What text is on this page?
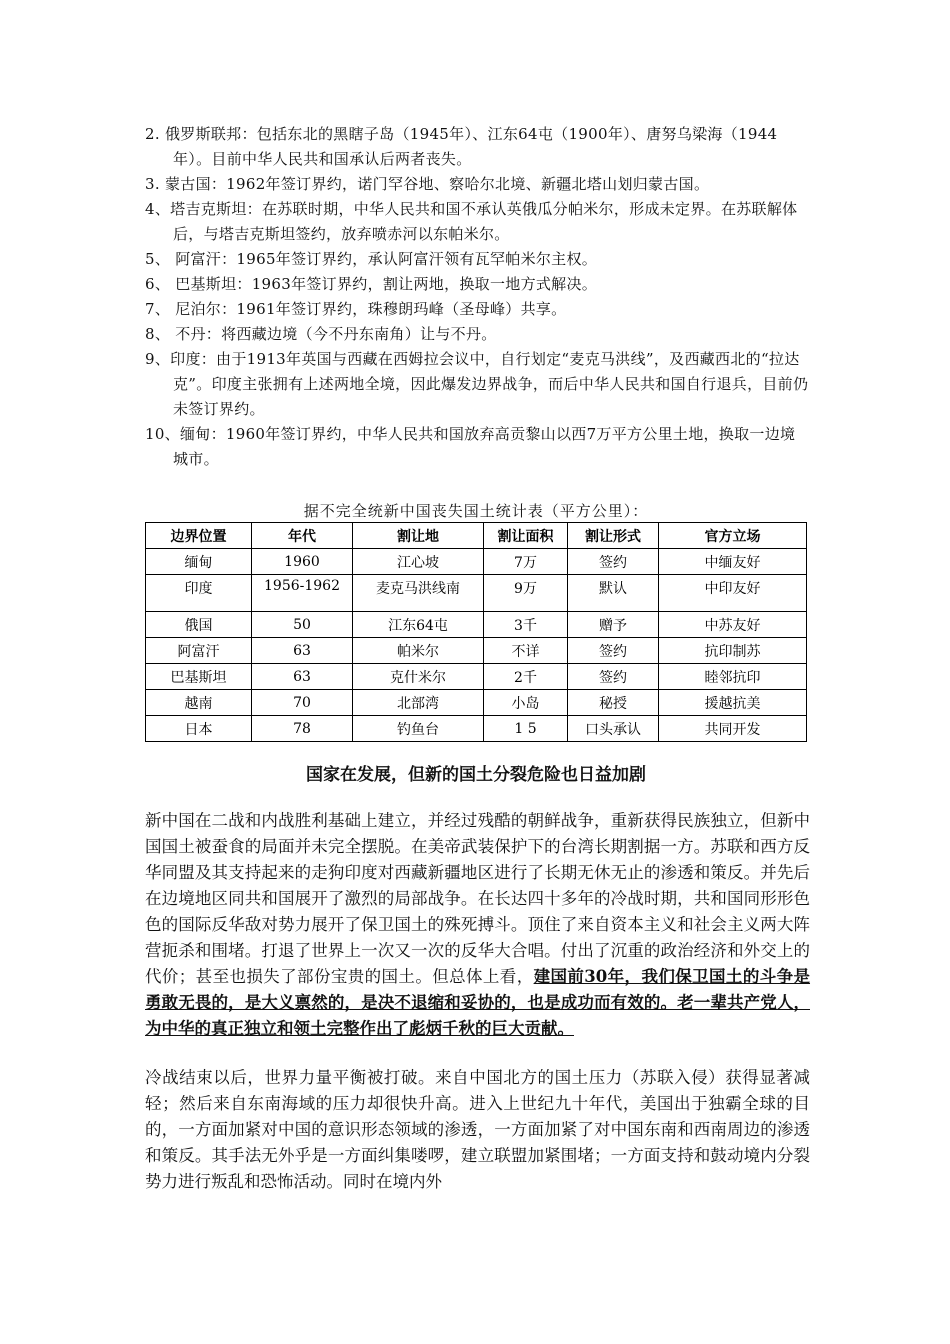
2. 俄罗斯联邦：包括东北的黑瞎子岛（1945年）、江东64屯（1900年）、唐努乌梁海（1944年）。目前中华人民共和国承认后两者丧失。
3. 蒙古国：1962年签订界约，诺门罕谷地、察哈尔北境、新疆北塔山划归蒙古国。
4、塔吉克斯坦：在苏联时期，中华人民共和国不承认英俄瓜分帕米尔，形成未定界。在苏联解体后，与塔吉克斯坦签约，放弃喷赤河以东帕米尔。
5、 阿富汗：1965年签订界约，承认阿富汗领有瓦罕帕米尔主权。
6、 巴基斯坦：1963年签订界约，割让两地，换取一地方式解决。
7、 尼泊尔：1961年签订界约，珠穆朗玛峰（圣母峰）共享。
8、 不丹：将西藏边境（今不丹东南角）让与不丹。
9、印度：由于1913年英国与西藏在西姆拉会议中，自行划定“麦克马洪线”，及西藏西北的“拉达克”。印度主张拥有上述两地全境，因此爆发边界战争，而后中华人民共和国自行退兵，目前仍未签订界约。
10、缅甸：1960年签订界约，中华人民共和国放弃高贡黎山以西7万平方公里土地，换取一边境城市。
据不完全统新中国丧失国土统计表（平方公里）：
边界位置	年代	割让地	割让面积	割让形式	官方立场
缅甸	1960	江心坡	7万	签约	中缅友好
印度	1956-1962	麦克马洪线南	9万	默认	中印友好
俄国	50	江东64屯	3千	赠予	中苏友好
阿富汗	63	帕米尔	不详	签约	抗印制苏
巴基斯坦	63	克什米尔	2千	签约	睦邻抗印
越南	70	北部湾	小岛	秘授	援越抗美
日本	78	钓鱼台	1 5	口头承认	共同开发
国家在发展，但新的国土分裂危险也日益加剧

新中国在二战和内战胜利基础上建立，并经过残酷的朝鲜战争，重新获得民族独立，但新中国国土被蚕食的局面并未完全摆脱。在美帝武装保护下的台湾长期割据一方。苏联和西方反华同盟及其支持起来的走狗印度对西藏新疆地区进行了长期无休无止的渗透和策反。并先后在边境地区同共和国展开了激烈的局部战争。在长达四十多年的冷战时期，共和国同形形色色的国际反华敌对势力展开了保卫国土的殊死搏斗。顶住了来自资本主义和社会主义两大阵营扼杀和围堵。打退了世界上一次又一次的反华大合唱。付出了沉重的政治经济和外交上的代价；甚至也损失了部份宝贵的国土。但总体上看，建国前30年，我们保卫国土的斗争是勇敢无畏的，是大义禀然的，是决不退缩和妥协的，也是成功而有效的。老一辈共产党人，为中华的真正独立和领土完整作出了彪炳千秋的巨大贡献。

冷战结束以后，世界力量平衡被打破。来自中国北方的国土压力（苏联入侵）获得显著减轻；然后来自东南海域的压力却很快升高。进入上世纪九十年代，美国出于独霸全球的目的，一方面加紧对中国的意识形态领域的渗透，一方面加紧了对中国东南和西南周边的渗透和策反。其手法无外乎是一方面纠集喽啰，建立联盟加紧围堵；一方面支持和鼓动境内分裂势力进行叛乱和恐怖活动。同时在境内外
